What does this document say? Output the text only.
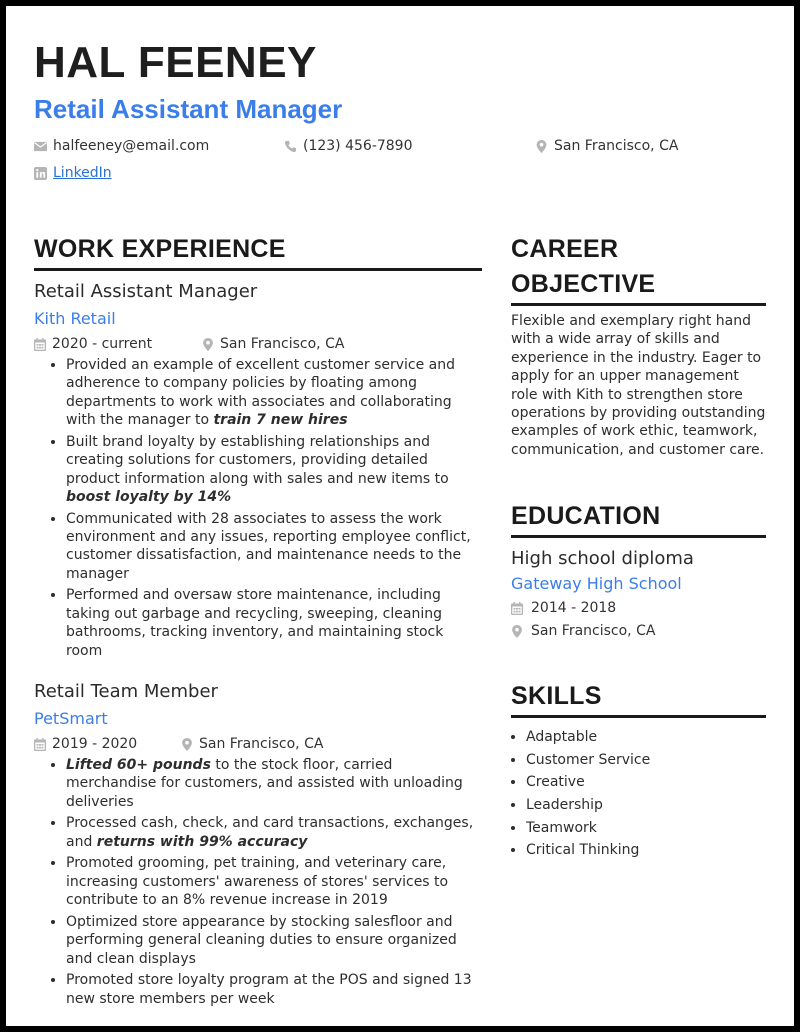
HAL FEENEY
Retail Assistant Manager
halfeeney@email.com	(123) 456-7890	San Francisco, CA
LinkedIn
WORK EXPERIENCE
Retail Assistant Manager
Kith Retail
2020 - current	San Francisco, CA
• Provided an example of excellent customer service and adherence to company policies by floating among departments to work with associates and collaborating with the manager to train 7 new hires
• Built brand loyalty by establishing relationships and creating solutions for customers, providing detailed product information along with sales and new items to boost loyalty by 14%
• Communicated with 28 associates to assess the work environment and any issues, reporting employee conflict, customer dissatisfaction, and maintenance needs to the manager
• Performed and oversaw store maintenance, including taking out garbage and recycling, sweeping, cleaning bathrooms, tracking inventory, and maintaining stock room
Retail Team Member
PetSmart
2019 - 2020	San Francisco, CA
• Lifted 60+ pounds to the stock floor, carried merchandise for customers, and assisted with unloading deliveries
• Processed cash, check, and card transactions, exchanges, and returns with 99% accuracy
• Promoted grooming, pet training, and veterinary care, increasing customers' awareness of stores' services to contribute to an 8% revenue increase in 2019
• Optimized store appearance by stocking salesfloor and performing general cleaning duties to ensure organized and clean displays
• Promoted store loyalty program at the POS and signed 13 new store members per week
CAREER
OBJECTIVE
Flexible and exemplary right hand with a wide array of skills and experience in the industry. Eager to apply for an upper management role with Kith to strengthen store operations by providing outstanding examples of work ethic, teamwork, communication, and customer care.
EDUCATION
High school diploma
Gateway High School
2014 - 2018
San Francisco, CA
SKILLS
• Adaptable
• Customer Service
• Creative
• Leadership
• Teamwork
• Critical Thinking
